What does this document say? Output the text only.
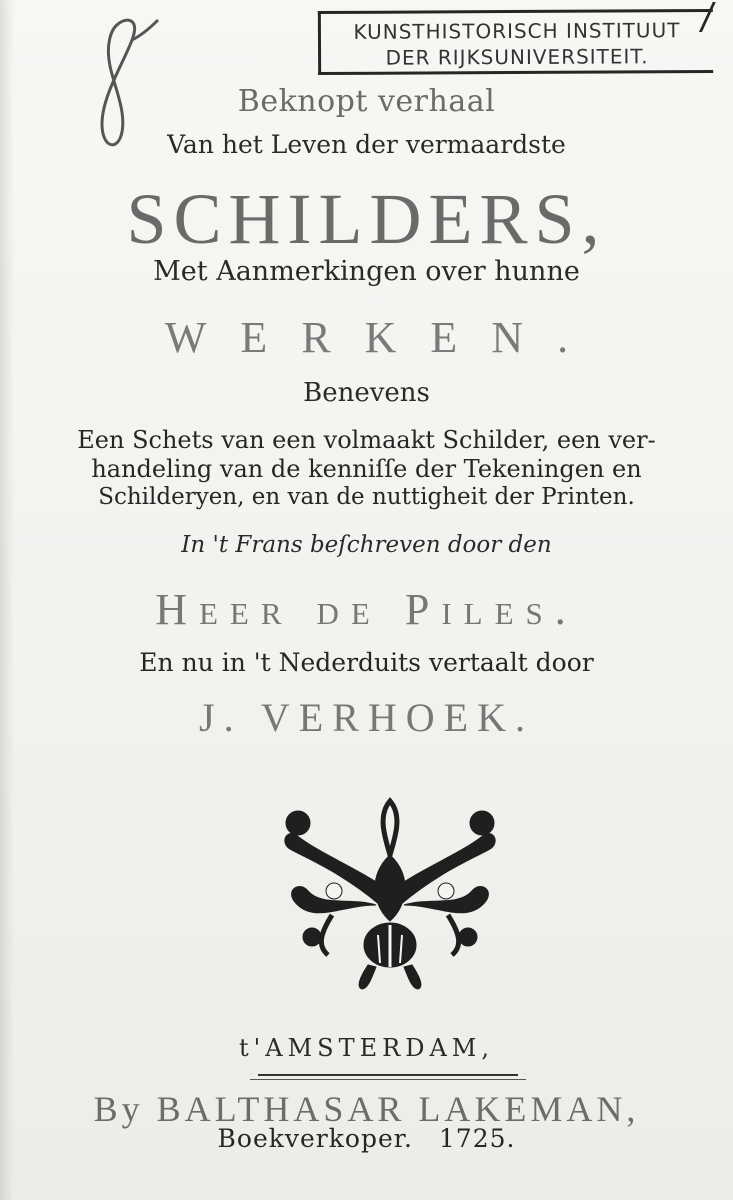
KUNSTHISTORISCH INSTITUUT
DER RIJKSUNIVERSITEIT.
Beknopt verhaal
Van het Leven der vermaardste
SCHILDERS,
Met Aanmerkingen over hunne
WERKEN.
Benevens
Een Schets van een volmaakt Schilder, een ver-
handeling van de kenniſſe der Tekeningen en
Schilderyen, en van de nuttigheit der Printen.
In 't Frans beſchreven door den
Heer de Piles.
En nu in 't Nederduits vertaalt door
J. VERHOEK.
t'AMSTERDAM,
By BALTHASAR LAKEMAN,
Boekverkoper. 1725.
